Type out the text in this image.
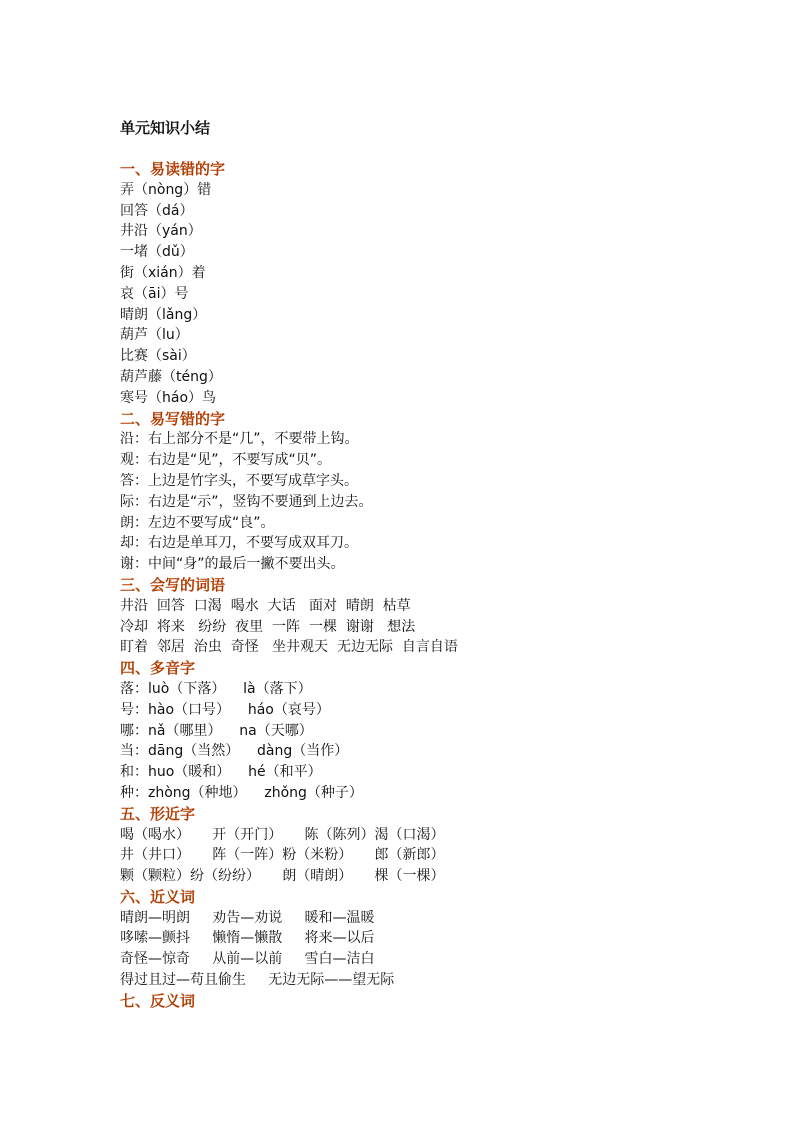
单元知识小结
一、易读错的字
弄（nòng）错
回答（dá）
井沿（yán）
一堵（dǔ）
街（xián）着
哀（āi）号
晴朗（lǎng）
葫芦（lu）
比赛（sài）
葫芦藤（téng）
寒号（háo）鸟
二、易写错的字
沿：右上部分不是“几”，不要带上钩。
观：右边是“见”，不要写成“贝”。
答：上边是竹字头，不要写成草字头。
际：右边是“示”，竖钩不要通到上边去。
朗：左边不要写成“良”。
却：右边是单耳刀，不要写成双耳刀。
谢：中间“身”的最后一撇不要出头。
三、会写的词语
井沿  回答  口渴  喝水  大话   面对  晴朗  枯草
冷却  将来   纷纷  夜里  一阵  一棵  谢谢   想法
盯着  邻居  治虫  奇怪   坐井观天  无边无际  自言自语
四、多音字
落：luò（下落）    là（落下）
号：hào（口号）    háo（哀号）
哪：nǎ（哪里）    na（天哪）
当：dāng（当然）    dàng（当作）
和：huo（暖和）    hé（和平）
种：zhòng（种地）    zhǒng（种子）
五、形近字
喝（喝水）     开（开门）     陈（陈列）渴（口渴）
井（井口）     阵（一阵）粉（米粉）     郎（新郎）
颗（颗粒）纷（纷纷）     朗（晴朗）     棵（一棵）
六、近义词
晴朗—明朗     劝告—劝说     暖和—温暖
哆嗦—颤抖     懒惰—懒散     将来—以后
奇怪—惊奇     从前—以前     雪白—洁白
得过且过—苟且偷生     无边无际——望无际
七、反义词
